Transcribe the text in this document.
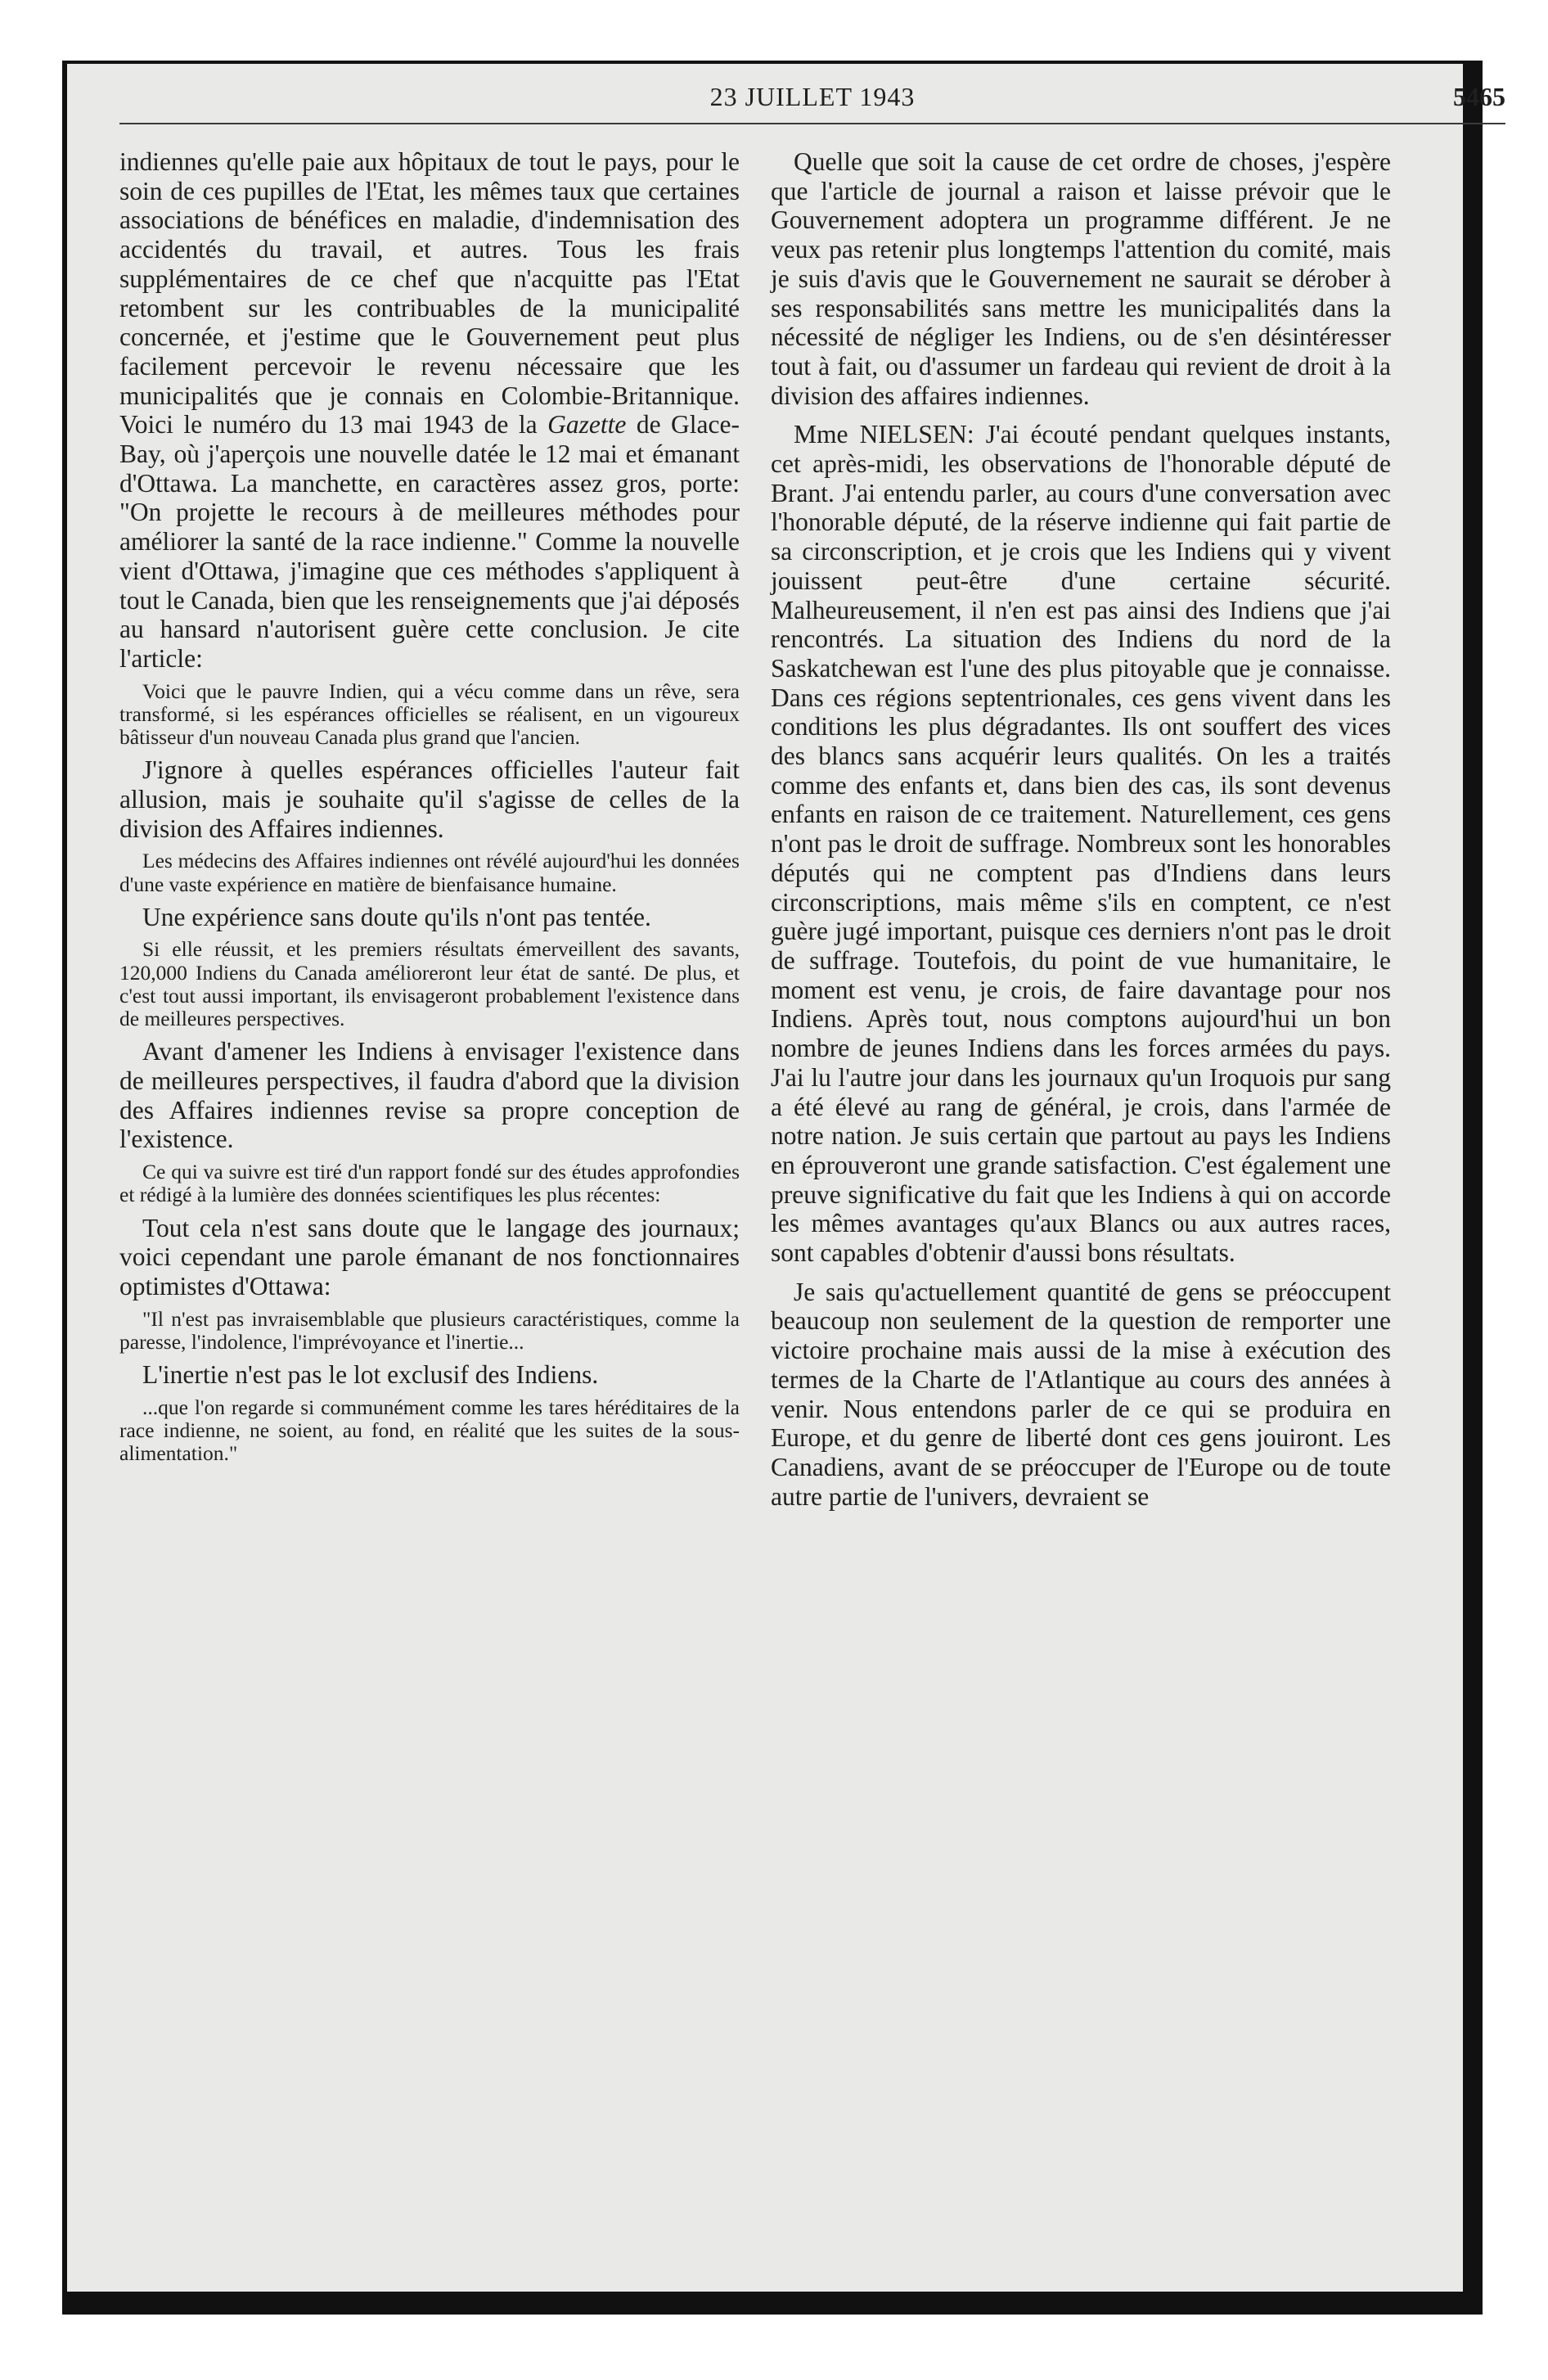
23 JUILLET 1943	5465

indiennes qu'elle paie aux hôpitaux de tout le pays, pour le soin de ces pupilles de l'Etat, les mêmes taux que certaines associations de bénéfices en maladie, d'indemnisation des accidentés du travail, et autres. Tous les frais supplémentaires de ce chef que n'acquitte pas l'Etat retombent sur les contribuables de la municipalité concernée, et j'estime que le Gouvernement peut plus facilement percevoir le revenu nécessaire que les municipalités que je connais en Colombie-Britannique. Voici le numéro du 13 mai 1943 de la Gazette de Glace-Bay, où j'aperçois une nouvelle datée le 12 mai et émanant d'Ottawa. La manchette, en caractères assez gros, porte: "On projette le recours à de meilleures méthodes pour améliorer la santé de la race indienne." Comme la nouvelle vient d'Ottawa, j'imagine que ces méthodes s'appliquent à tout le Canada, bien que les renseignements que j'ai déposés au hansard n'autorisent guère cette conclusion. Je cite l'article:

Voici que le pauvre Indien, qui a vécu comme dans un rêve, sera transformé, si les espérances officielles se réalisent, en un vigoureux bâtisseur d'un nouveau Canada plus grand que l'ancien.

J'ignore à quelles espérances officielles l'auteur fait allusion, mais je souhaite qu'il s'agisse de celles de la division des Affaires indiennes.

Les médecins des Affaires indiennes ont révélé aujourd'hui les données d'une vaste expérience en matière de bienfaisance humaine.

Une expérience sans doute qu'ils n'ont pas tentée.

Si elle réussit, et les premiers résultats émerveillent des savants, 120,000 Indiens du Canada amélioreront leur état de santé. De plus, et c'est tout aussi important, ils envisageront probablement l'existence dans de meilleures perspectives.

Avant d'amener les Indiens à envisager l'existence dans de meilleures perspectives, il faudra d'abord que la division des Affaires indiennes revise sa propre conception de l'existence.

Ce qui va suivre est tiré d'un rapport fondé sur des études approfondies et rédigé à la lumière des données scientifiques les plus récentes:

Tout cela n'est sans doute que le langage des journaux; voici cependant une parole émanant de nos fonctionnaires optimistes d'Ottawa:

"Il n'est pas invraisemblable que plusieurs caractéristiques, comme la paresse, l'indolence, l'imprévoyance et l'inertie...

L'inertie n'est pas le lot exclusif des Indiens.

...que l'on regarde si communément comme les tares héréditaires de la race indienne, ne soient, au fond, en réalité que les suites de la sous-alimentation."

Quelle que soit la cause de cet ordre de choses, j'espère que l'article de journal a raison et laisse prévoir que le Gouvernement adoptera un programme différent. Je ne veux pas retenir plus longtemps l'attention du comité, mais je suis d'avis que le Gouvernement ne saurait se dérober à ses responsabilités sans mettre les municipalités dans la nécessité de négliger les Indiens, ou de s'en désintéresser tout à fait, ou d'assumer un fardeau qui revient de droit à la division des affaires indiennes.

Mme NIELSEN: J'ai écouté pendant quelques instants, cet après-midi, les observations de l'honorable député de Brant. J'ai entendu parler, au cours d'une conversation avec l'honorable député, de la réserve indienne qui fait partie de sa circonscription, et je crois que les Indiens qui y vivent jouissent peut-être d'une certaine sécurité. Malheureusement, il n'en est pas ainsi des Indiens que j'ai rencontrés. La situation des Indiens du nord de la Saskatchewan est l'une des plus pitoyable que je connaisse. Dans ces régions septentrionales, ces gens vivent dans les conditions les plus dégradantes. Ils ont souffert des vices des blancs sans acquérir leurs qualités. On les a traités comme des enfants et, dans bien des cas, ils sont devenus enfants en raison de ce traitement. Naturellement, ces gens n'ont pas le droit de suffrage. Nombreux sont les honorables députés qui ne comptent pas d'Indiens dans leurs circonscriptions, mais même s'ils en comptent, ce n'est guère jugé important, puisque ces derniers n'ont pas le droit de suffrage. Toutefois, du point de vue humanitaire, le moment est venu, je crois, de faire davantage pour nos Indiens. Après tout, nous comptons aujourd'hui un bon nombre de jeunes Indiens dans les forces armées du pays. J'ai lu l'autre jour dans les journaux qu'un Iroquois pur sang a été élevé au rang de général, je crois, dans l'armée de notre nation. Je suis certain que partout au pays les Indiens en éprouveront une grande satisfaction. C'est également une preuve significative du fait que les Indiens à qui on accorde les mêmes avantages qu'aux Blancs ou aux autres races, sont capables d'obtenir d'aussi bons résultats.

Je sais qu'actuellement quantité de gens se préoccupent beaucoup non seulement de la question de remporter une victoire prochaine mais aussi de la mise à exécution des termes de la Charte de l'Atlantique au cours des années à venir. Nous entendons parler de ce qui se produira en Europe, et du genre de liberté dont ces gens jouiront. Les Canadiens, avant de se préoccuper de l'Europe ou de toute autre partie de l'univers, devraient se
